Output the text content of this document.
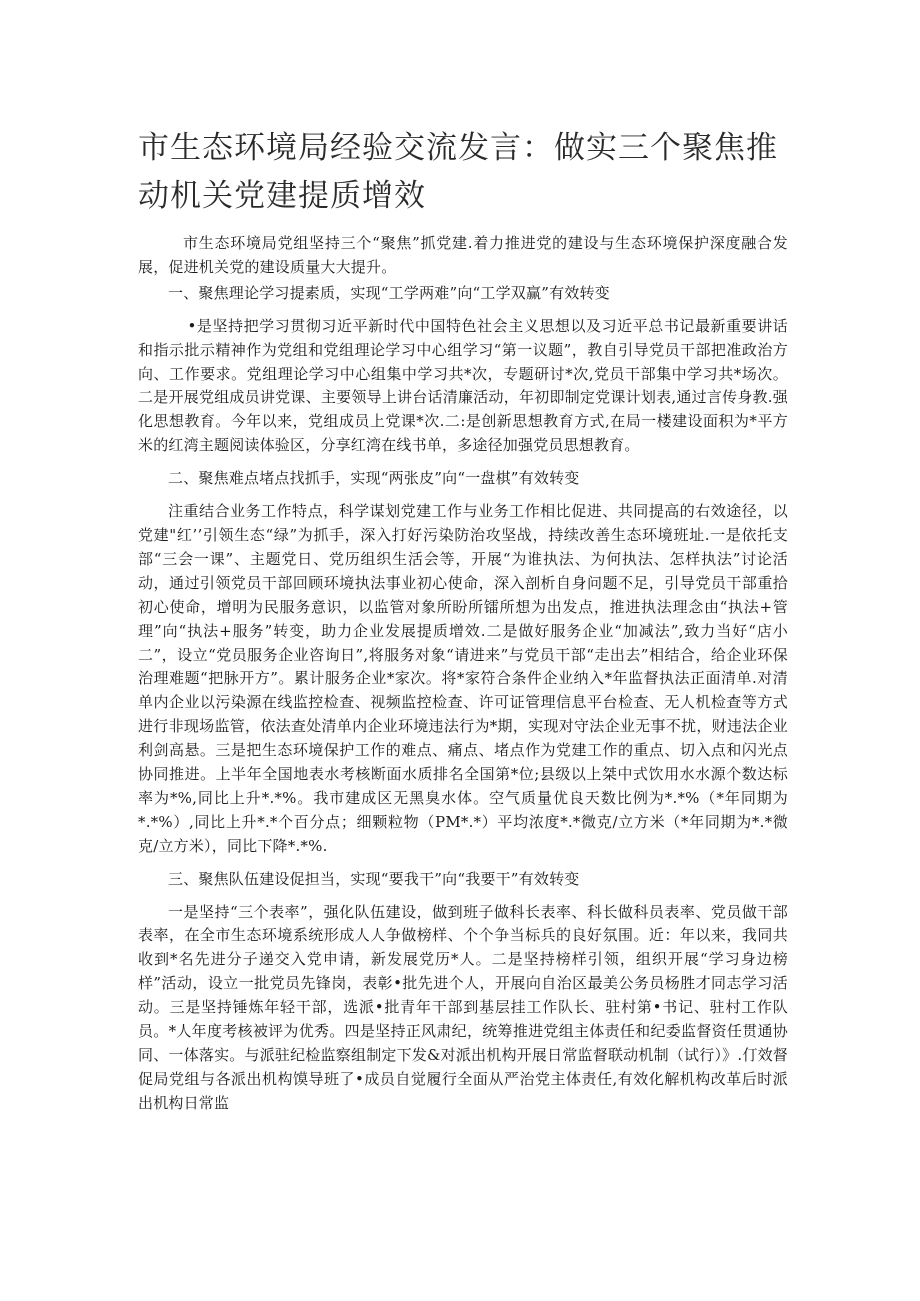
市生态环境局经验交流发言：做实三个聚焦推动机关党建提质增效

市生态环境局党组坚持三个“聚焦”抓党建.着力推进党的建设与生态环境保护深度融合发展，促进机关党的建设质量大大提升。

一、聚焦理论学习提素质，实现“工学两难”向“工学双赢”有效转变

•是坚持把学习贯彻习近平新时代中国特色社会主义思想以及习近平总书记最新重要讲话和指示批示精神作为党组和党组理论学习中心组学习“第一议题”，教自引导党员干部把准政治方向、工作要求。党组理论学习中心组集中学习共*次，专题研讨*次,党员干部集中学习共*场次。二是开展党组成员讲党课、主要领导上讲台话清廉活动，年初即制定党课计划表,通过言传身教.强化思想教育。今年以来，党组成员上党课*次.二:是创新思想教育方式,在局一楼建设面积为*平方米的红湾主题阅读体验区，分享红湾在线书单，多途径加强党员思想教育。

二、聚焦难点堵点找抓手，实现“两张皮”向“一盘棋”有效转变

注重结合业务工作特点，科学谋划党建工作与业务工作相比促进、共同提高的右效途径，以党建"红’’引领生态“绿”为抓手，深入打好污染防治攻坚战，持续改善生态环境班址.一是依托支部“三会一课”、主题党日、党历组织生活会等，开展“为谁执法、为何执法、怎样执法”讨论活动，通过引领党员干部回顾环境执法事业初心使命，深入剖析自身问题不足，引导党员干部重拾初心使命，增明为民服务意识，以监管对象所盼所镭所想为出发点，推进执法理念由“执法+管理”向“执法+服务”转变，助力企业发展提质增效.二是做好服务企业“加减法”,致力当好“店小二”，设立“党员服务企业咨询日”,将服务对象“请进来”与党员干部“走出去”相结合，给企业环保治理难题“把脉开方”。累计服务企业*家次。将*家符合条件企业纳入*年监督执法正面清单.对清单内企业以污染源在线监控检查、视频监控检查、许可证管理信息平台检查、无人机检查等方式进行非现场监管，依法查处清单内企业环境违法行为*期，实现对守法企业无事不扰，财违法企业利剑高悬。三是把生态环境保护工作的难点、痛点、堵点作为党建工作的重点、切入点和闪光点协同推进。上半年全国地表水考核断面水质排名全国第*位;县级以上桀中式饮用水水源个数达标率为*%,同比上升*.*%。我市建成区无黑臭水体。空气质量优良天数比例为*.*%（*年同期为*.*%）,同比上升*.*个百分点；细颗粒物（PM*.*）平均浓度*.*微克/立方米（*年同期为*.*微克/立方米），同比下降*.*%.

三、聚焦队伍建设促担当，实现“要我干”向“我要干”有效转变

一是坚持“三个表率”，强化队伍建设，做到班子做科长表率、科长做科员表率、党员做干部表率，在全市生态环境系统形成人人争做榜样、个个争当标兵的良好氛围。近：年以来，我同共收到*名先进分子递交入党申请，新发展党历*人。二是坚持榜样引领，组织开展“学习身边榜样”活动，设立一批党员先锋岗，表彰•批先进个人，开展向自治区最美公务员杨胜才同志学习活动。三是坚持锤炼年轻干部，选派•批青年干部到基层挂工作队长、驻村第•书记、驻村工作队员。*人年度考核被评为优秀。四是坚持正风肃纪，统筹推进党组主体责任和纪委监督资任贯通协同、一体落实。与派驻纪检监察组制定下发&对派出机构开展日常监督联动机制（试行）》.仃效督促局党组与各派出机构馍导班了•成员自觉履行全面从严治党主体责任,有效化解机构改革后时派出机构日常监
